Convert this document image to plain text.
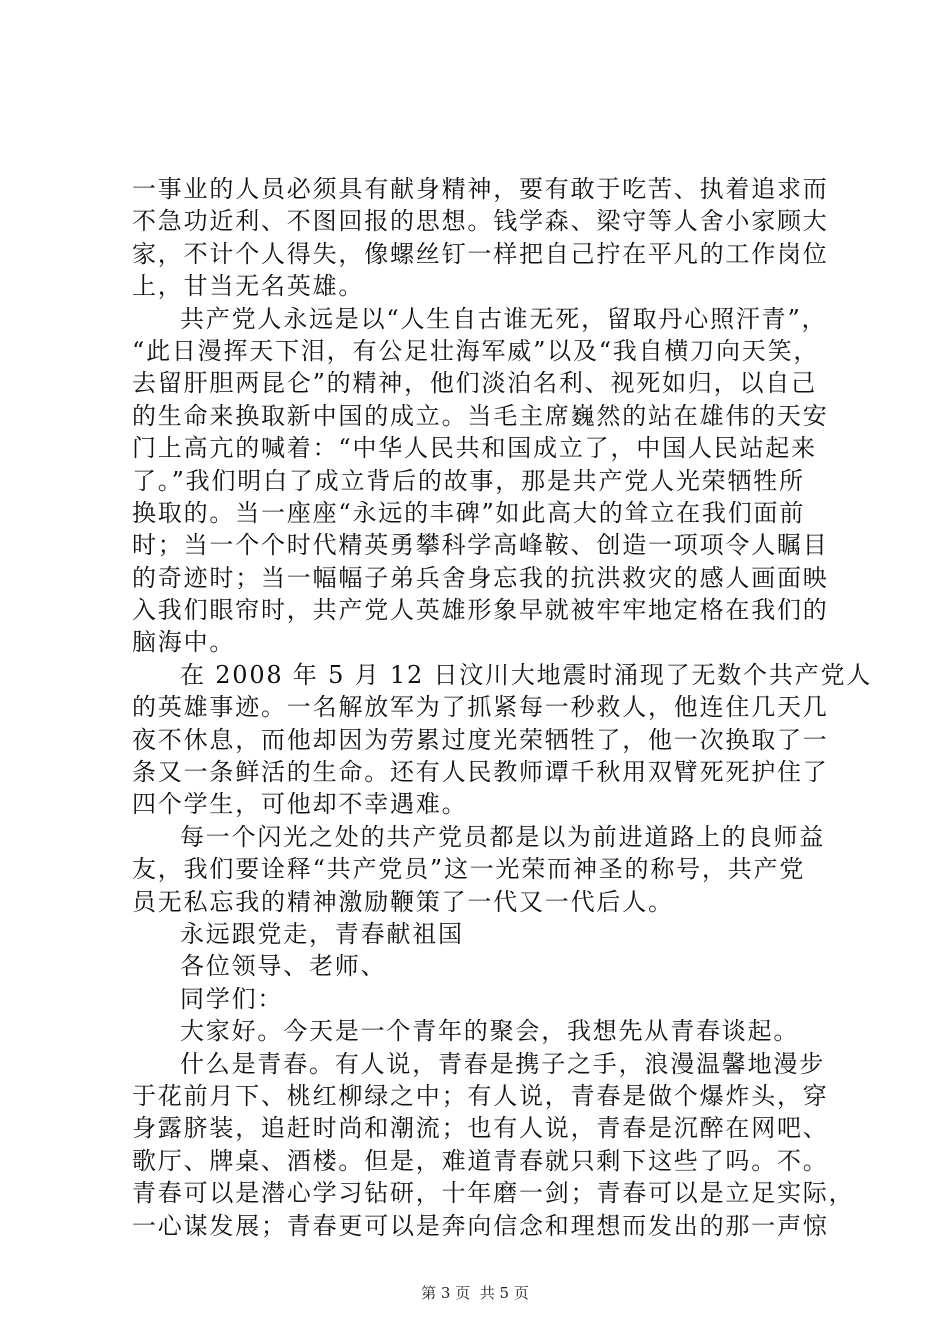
一事业的人员必须具有献身精神，要有敢于吃苦、执着追求而
不急功近利、不图回报的思想。钱学森、梁守等人舍小家顾大
家，不计个人得失，像螺丝钉一样把自己拧在平凡的工作岗位
上，甘当无名英雄。
共产党人永远是以“人生自古谁无死，留取丹心照汗青”，
“此日漫挥天下泪，有公足壮海军威”以及“我自横刀向天笑，
去留肝胆两昆仑”的精神，他们淡泊名利、视死如归，以自己
的生命来换取新中国的成立。当毛主席巍然的站在雄伟的天安
门上高亢的喊着：“中华人民共和国成立了，中国人民站起来
了。”我们明白了成立背后的故事，那是共产党人光荣牺牲所
换取的。当一座座“永远的丰碑”如此高大的耸立在我们面前
时；当一个个时代精英勇攀科学高峰鞍、创造一项项令人瞩目
的奇迹时；当一幅幅子弟兵舍身忘我的抗洪救灾的感人画面映
入我们眼帘时，共产党人英雄形象早就被牢牢地定格在我们的
脑海中。
在 2008 年 5 月 12 日汶川大地震时涌现了无数个共产党人
的英雄事迹。一名解放军为了抓紧每一秒救人，他连住几天几
夜不休息，而他却因为劳累过度光荣牺牲了，他一次换取了一
条又一条鲜活的生命。还有人民教师谭千秋用双臂死死护住了
四个学生，可他却不幸遇难。
每一个闪光之处的共产党员都是以为前进道路上的良师益
友，我们要诠释“共产党员”这一光荣而神圣的称号，共产党
员无私忘我的精神激励鞭策了一代又一代后人。
永远跟党走，青春献祖国
各位领导、老师、
同学们：
大家好。今天是一个青年的聚会，我想先从青春谈起。
什么是青春。有人说，青春是携子之手，浪漫温馨地漫步
于花前月下、桃红柳绿之中；有人说，青春是做个爆炸头，穿
身露脐装，追赶时尚和潮流；也有人说，青春是沉醉在网吧、
歌厅、牌桌、酒楼。但是，难道青春就只剩下这些了吗。不。
青春可以是潜心学习钻研，十年磨一剑；青春可以是立足实际，
一心谋发展；青春更可以是奔向信念和理想而发出的那一声惊
第 3 页  共 5 页
